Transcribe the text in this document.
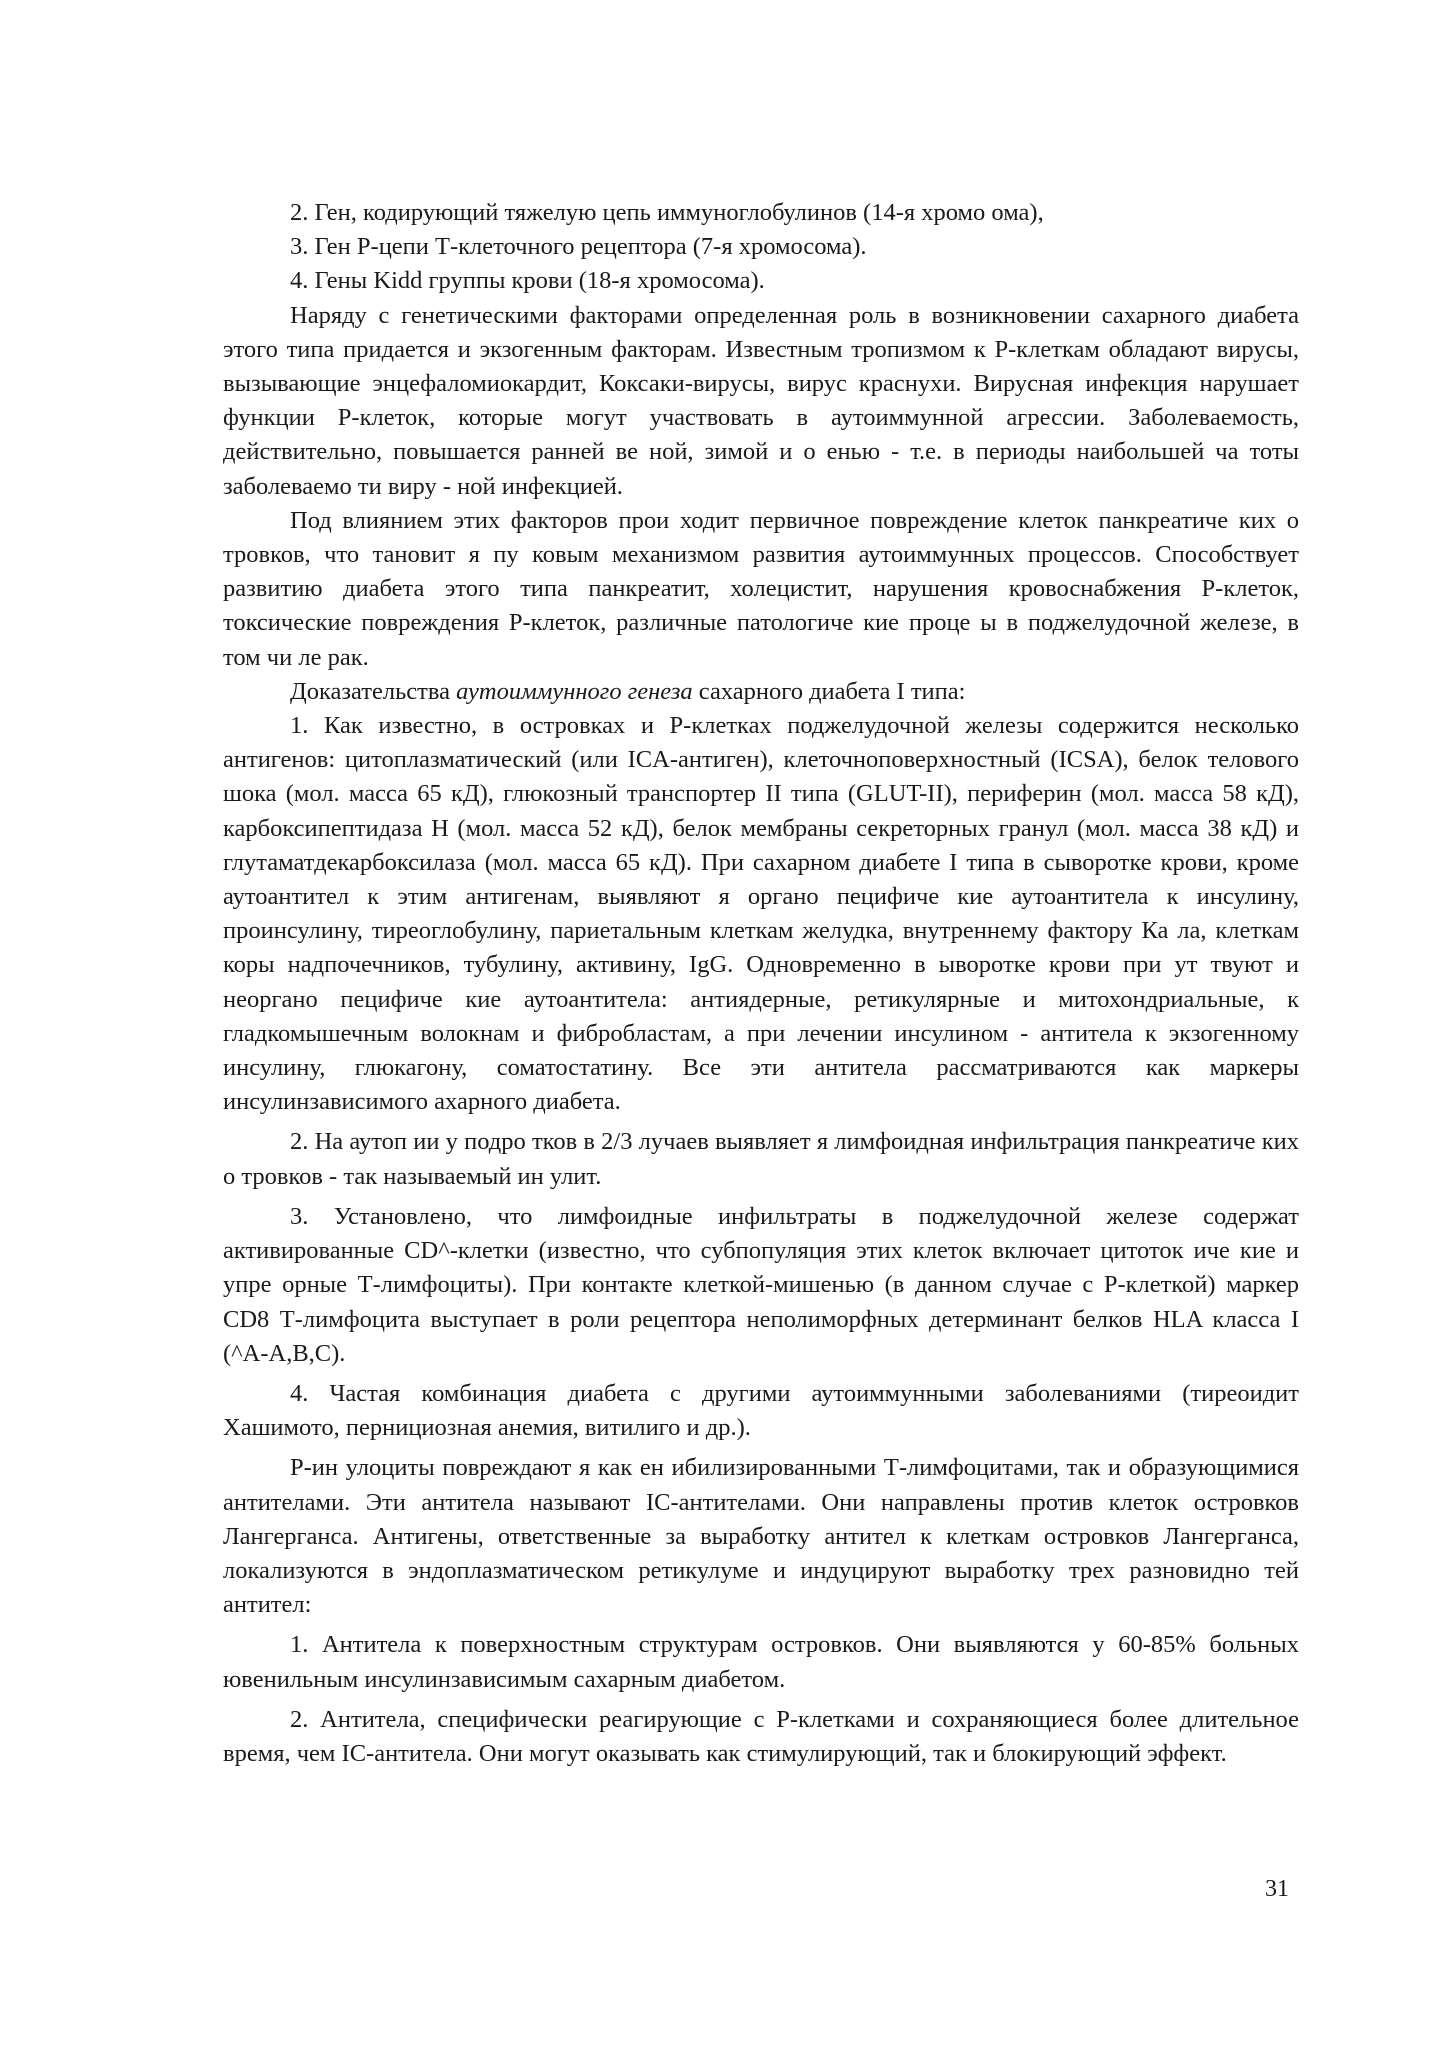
2. Ген, кодирующий тяжелую цепь иммуноглобулинов (14-я хромо ома),

3. Ген P-цепи Т-клеточного рецептора (7-я хромосома).

4. Гены Kidd группы крови (18-я хромосома).

Наряду с генетическими факторами определенная роль в возникновении сахарного диабета этого типа придается и экзогенным факторам. Известным тропизмом к P-клеткам обладают вирусы, вызывающие энцефаломиокардит, Коксаки-вирусы, вирус краснухи. Вирусная инфекция нарушает функции P-клеток, которые могут участвовать в аутоиммунной агрессии. Заболеваемость, действительно, повышается ранней ве ной, зимой и о енью - т.е. в периоды наибольшей ча тоты заболеваемо ти виру - ной инфекцией.

Под влиянием этих факторов прои ходит первичное повреждение клеток панкреатиче ких о тровков, что тановит я пу ковым механизмом развития аутоиммунных процессов. Способствует развитию диабета этого типа панкреатит, холецистит, нарушения кровоснабжения P-клеток, токсические повреждения P-клеток, различные патологиче кие проце ы в поджелудочной железе, в том чи ле рак.

Доказательства аутоиммунного генеза сахарного диабета I типа:

1. Как известно, в островках и P-клетках поджелудочной железы содержится несколько антигенов: цитоплазматический (или ICA-антиген), клеточноповерхностный (ICSA), белок телового шока (мол. масса 65 кД), глюкозный транспортер II типа (GLUT-II), периферин (мол. масса 58 кД), карбоксипептидаза Н (мол. масса 52 кД), белок мембраны секреторных гранул (мол. масса 38 кД) и глутаматдекарбоксилаза (мол. масса 65 кД). При сахарном диабете I типа в сыворотке крови, кроме аутоантител к этим антигенам, выявляют я органо пецифиче кие аутоантитела к инсулину, проинсулину, тиреоглобулину, париетальным клеткам желудка, внутреннему фактору Ка ла, клеткам коры надпочечников, тубулину, активину, IgG. Одновременно в ыворотке крови при ут твуют и неоргано пецифиче кие аутоантитела: антиядерные, ретикулярные и митохондриальные, к гладкомышечным волокнам и фибробластам, а при лечении инсулином - антитела к экзогенному инсулину, глюкагону, соматостатину. Все эти антитела рассматриваются как маркеры инсулинзависимого ахарного диабета.

2. На аутоп ии у подро тков в 2/3 лучаев выявляет я лимфоидная инфильтрация панкреатиче ких о тровков - так называемый ин улит.

3. Установлено, что лимфоидные инфильтраты в поджелудочной железе содержат активированные CD^-клетки (известно, что субпопуляция этих клеток включает цитоток иче кие и упре орные Т-лимфоциты). При контакте клеткой-мишенью (в данном случае с P-клеткой) маркер CD8 Т-лимфоцита выступает в роли рецептора неполиморфных детерминант белков HLA класса I (^A-A,B,C).

4. Частая комбинация диабета с другими аутоиммунными заболеваниями (тиреоидит Хашимото, пернициозная анемия, витилиго и др.).

P-ин улоциты повреждают я как ен ибилизированными Т-лимфоцитами, так и образующимися антителами. Эти антитела называют IC-антителами. Они направлены против клеток островков Лангерганса. Антигены, ответственные за выработку антител к клеткам островков Лангерганса, локализуются в эндоплазматическом ретикулуме и индуцируют выработку трех разновидно тей антител:

1. Антитела к поверхностным структурам островков. Они выявляются у 60-85% больных ювенильным инсулинзависимым сахарным диабетом.

2. Антитела, специфически реагирующие с P-клетками и сохраняющиеся более длительное время, чем IC-антитела. Они могут оказывать как стимулирующий, так и блокирующий эффект.

31
